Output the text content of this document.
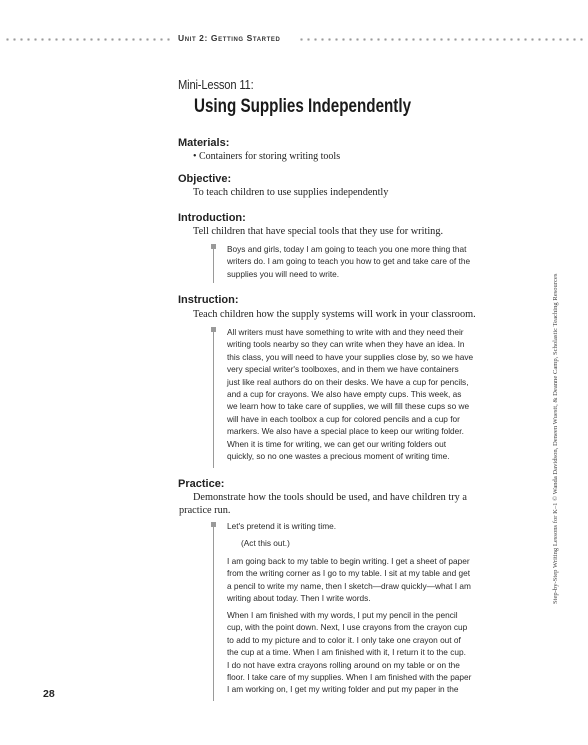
Unit 2: Getting Started
Mini-Lesson 11:
Using Supplies Independently
Materials:
• Containers for storing writing tools
Objective:
To teach children to use supplies independently
Introduction:
Tell children that have special tools that they use for writing.
Boys and girls, today I am going to teach you one more thing that
writers do. I am going to teach you how to get and take care of the
supplies you will need to write.
Instruction:
Teach children how the supply systems will work in your classroom.
All writers must have something to write with and they need their
writing tools nearby so they can write when they have an idea. In
this class, you will need to have your supplies close by, so we have
very special writer's toolboxes, and in them we have containers
just like real authors do on their desks. We have a cup for pencils,
and a cup for crayons. We also have empty cups. This week, as
we learn how to take care of supplies, we will fill these cups so we
will have in each toolbox a cup for colored pencils and a cup for
markers. We also have a special place to keep our writing folder.
When it is time for writing, we can get our writing folders out
quickly, so no one wastes a precious moment of writing time.
Practice:
Demonstrate how the tools should be used, and have children try a
practice run.
Let's pretend it is writing time.
(Act this out.)
I am going back to my table to begin writing. I get a sheet of paper
from the writing corner as I go to my table. I sit at my table and get
a pencil to write my name, then I sketch—draw quickly—what I am
writing about today. Then I write words.
When I am finished with my words, I put my pencil in the pencil
cup, with the point down. Next, I use crayons from the crayon cup
to add to my picture and to color it. I only take one crayon out of
the cup at a time. When I am finished with it, I return it to the cup.
I do not have extra crayons rolling around on my table or on the
floor. I take care of my supplies. When I am finished with the paper
I am working on, I get my writing folder and put my paper in the
Step-by-Step Writing Lessons for K–1 © Wanda Davidson, Deneen Wuestt, & Deanne Camp, Scholastic Teaching Resources
28
